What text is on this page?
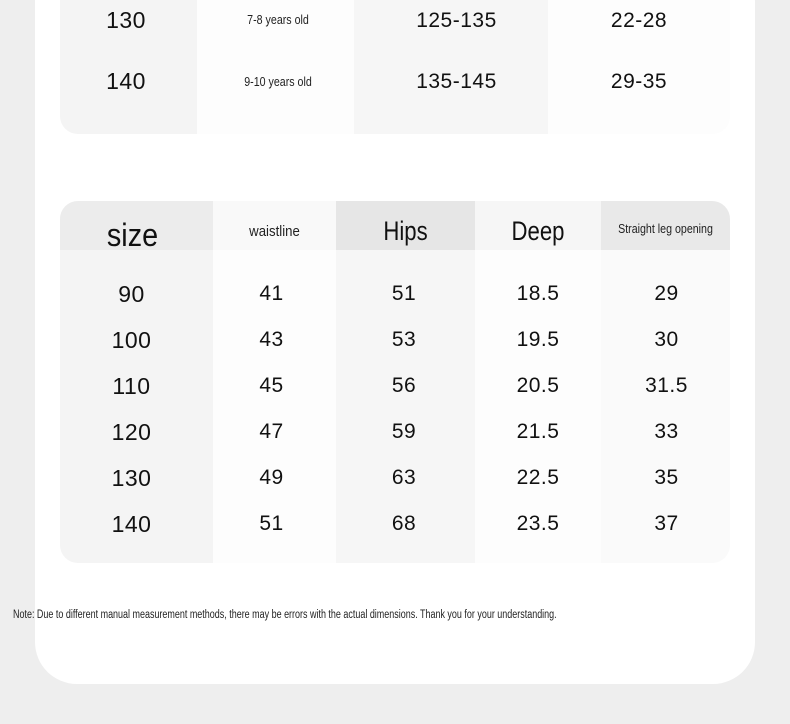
130	7-8 years old	125-135	22-28
140	9-10 years old	135-145	29-35
size	waistline	Hips	Deep	Straight leg opening
90	41	51	18.5	29
100	43	53	19.5	30
110	45	56	20.5	31.5
120	47	59	21.5	33
130	49	63	22.5	35
140	51	68	23.5	37
Note: Due to different manual measurement methods, there may be errors with the actual dimensions. Thank you for your understanding.
